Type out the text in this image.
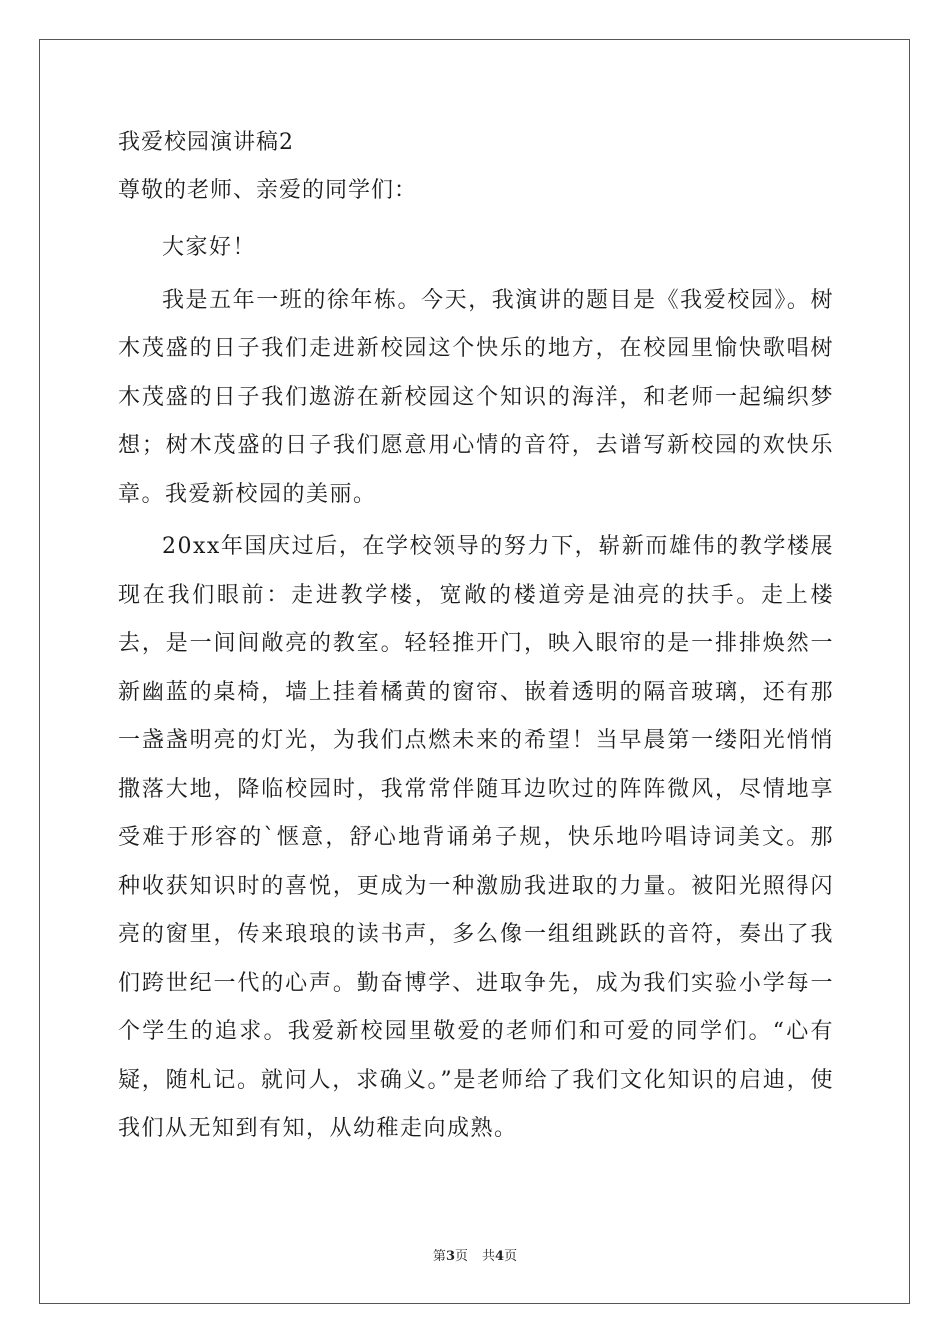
我爱校园演讲稿2
尊敬的老师、亲爱的同学们：

大家好！

我是五年一班的徐年栋。今天，我演讲的题目是《我爱校园》。树木茂盛的日子我们走进新校园这个快乐的地方，在校园里愉快歌唱树木茂盛的日子我们遨游在新校园这个知识的海洋，和老师一起编织梦想；树木茂盛的日子我们愿意用心情的音符，去谱写新校园的欢快乐章。我爱新校园的美丽。

20xx年国庆过后，在学校领导的努力下，崭新而雄伟的教学楼展现在我们眼前：走进教学楼，宽敞的楼道旁是油亮的扶手。走上楼去，是一间间敞亮的教室。轻轻推开门，映入眼帘的是一排排焕然一新幽蓝的桌椅，墙上挂着橘黄的窗帘、嵌着透明的隔音玻璃，还有那一盏盏明亮的灯光，为我们点燃未来的希望！当早晨第一缕阳光悄悄撒落大地，降临校园时，我常常伴随耳边吹过的阵阵微风，尽情地享受难于形容的`惬意，舒心地背诵弟子规，快乐地吟唱诗词美文。那种收获知识时的喜悦，更成为一种激励我进取的力量。被阳光照得闪亮的窗里，传来琅琅的读书声，多么像一组组跳跃的音符，奏出了我们跨世纪一代的心声。勤奋博学、进取争先，成为我们实验小学每一个学生的追求。我爱新校园里敬爱的老师们和可爱的同学们。“心有疑，随札记。就问人，求确义。”是老师给了我们文化知识的启迪，使我们从无知到有知，从幼稚走向成熟。

第3页 共4页
